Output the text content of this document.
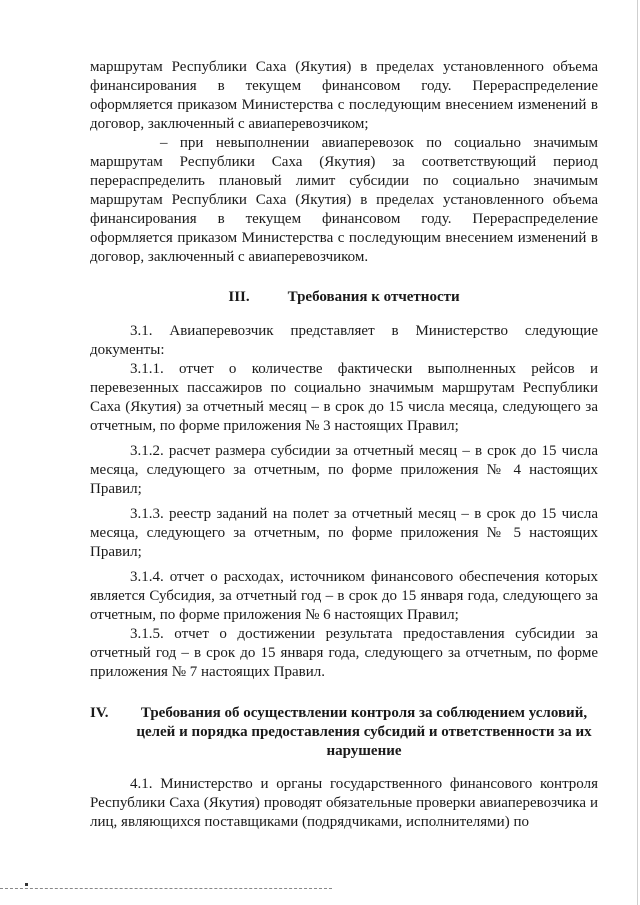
маршрутам Республики Саха (Якутия) в пределах установленного объема финансирования в текущем финансовом году. Перераспределение оформляется приказом Министерства с последующим внесением изменений в договор, заключенный с авиаперевозчиком;

– при невыполнении авиаперевозок по социально значимым маршрутам Республики Саха (Якутия) за соответствующий период перераспределить плановый лимит субсидии по социально значимым маршрутам Республики Саха (Якутия) в пределах установленного объема финансирования в текущем финансовом году. Перераспределение оформляется приказом Министерства с последующим внесением изменений в договор, заключенный с авиаперевозчиком.

III.	Требования к отчетности

3.1. Авиаперевозчик представляет в Министерство следующие документы:

3.1.1. отчет о количестве фактически выполненных рейсов и перевезенных пассажиров по социально значимым маршрутам Республики Саха (Якутия) за отчетный месяц – в срок до 15 числа месяца, следующего за отчетным, по форме приложения № 3 настоящих Правил;

3.1.2. расчет размера субсидии за отчетный месяц – в срок до 15 числа месяца, следующего за отчетным, по форме приложения № 4 настоящих Правил;

3.1.3. реестр заданий на полет за отчетный месяц – в срок до 15 числа месяца, следующего за отчетным, по форме приложения № 5 настоящих Правил;

3.1.4. отчет о расходах, источником финансового обеспечения которых является Субсидия, за отчетный год – в срок до 15 января года, следующего за отчетным, по форме приложения № 6 настоящих Правил;

3.1.5. отчет о достижении результата предоставления субсидии за отчетный год – в срок до 15 января года, следующего за отчетным, по форме приложения № 7 настоящих Правил.

IV.	Требования об осуществлении контроля за соблюдением условий, целей и порядка предоставления субсидий и ответственности за их нарушение

4.1. Министерство и органы государственного финансового контроля Республики Саха (Якутия) проводят обязательные проверки авиаперевозчика и лиц, являющихся поставщиками (подрядчиками, исполнителями) по
